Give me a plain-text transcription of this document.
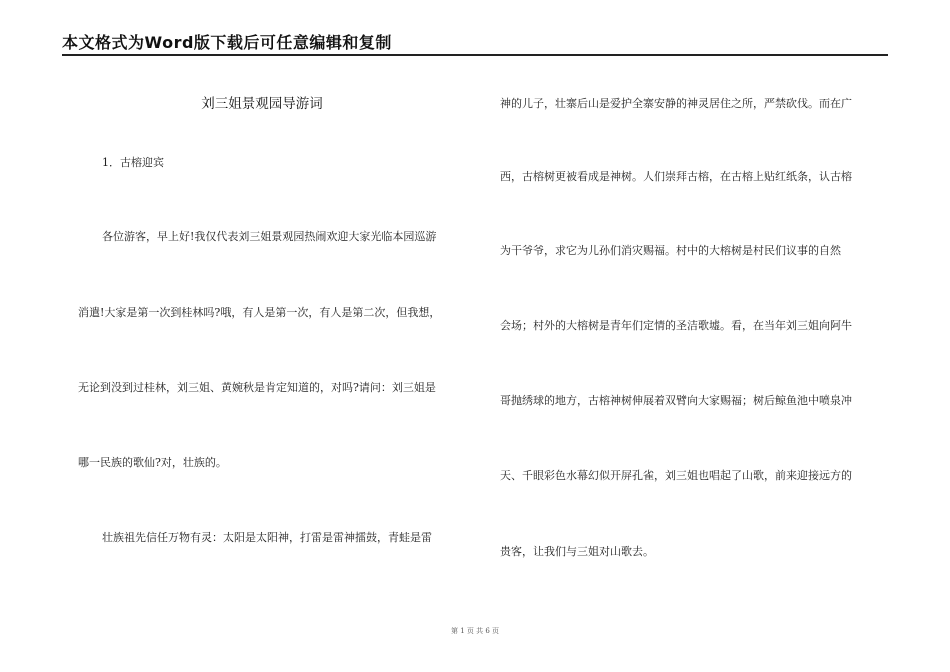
本文格式为Word版下载后可任意编辑和复制
刘三姐景观园导游词
1．古榕迎宾
各位游客，早上好!我仅代表刘三姐景观园热闹欢迎大家光临本园巡游
消遣!大家是第一次到桂林吗?哦，有人是第一次，有人是第二次，但我想，
无论到没到过桂林，刘三姐、黄婉秋是肯定知道的，对吗?请问：刘三姐是
哪一民族的歌仙?对，壮族的。
壮族祖先信任万物有灵：太阳是太阳神，打雷是雷神擂鼓，青蛙是雷
神的儿子，壮寨后山是爱护全寨安静的神灵居住之所，严禁砍伐。而在广
西，古榕树更被看成是神树。人们崇拜古榕，在古榕上贴红纸条，认古榕
为干爷爷，求它为儿孙们消灾赐福。村中的大榕树是村民们议事的自然
会场；村外的大榕树是青年们定情的圣洁歌墟。看，在当年刘三姐向阿牛
哥抛绣球的地方，古榕神树伸展着双臂向大家赐福；树后鲸鱼池中喷泉冲
天、千眼彩色水幕幻似开屏孔雀，刘三姐也唱起了山歌，前来迎接远方的
贵客，让我们与三姐对山歌去。
第 1 页 共 6 页
